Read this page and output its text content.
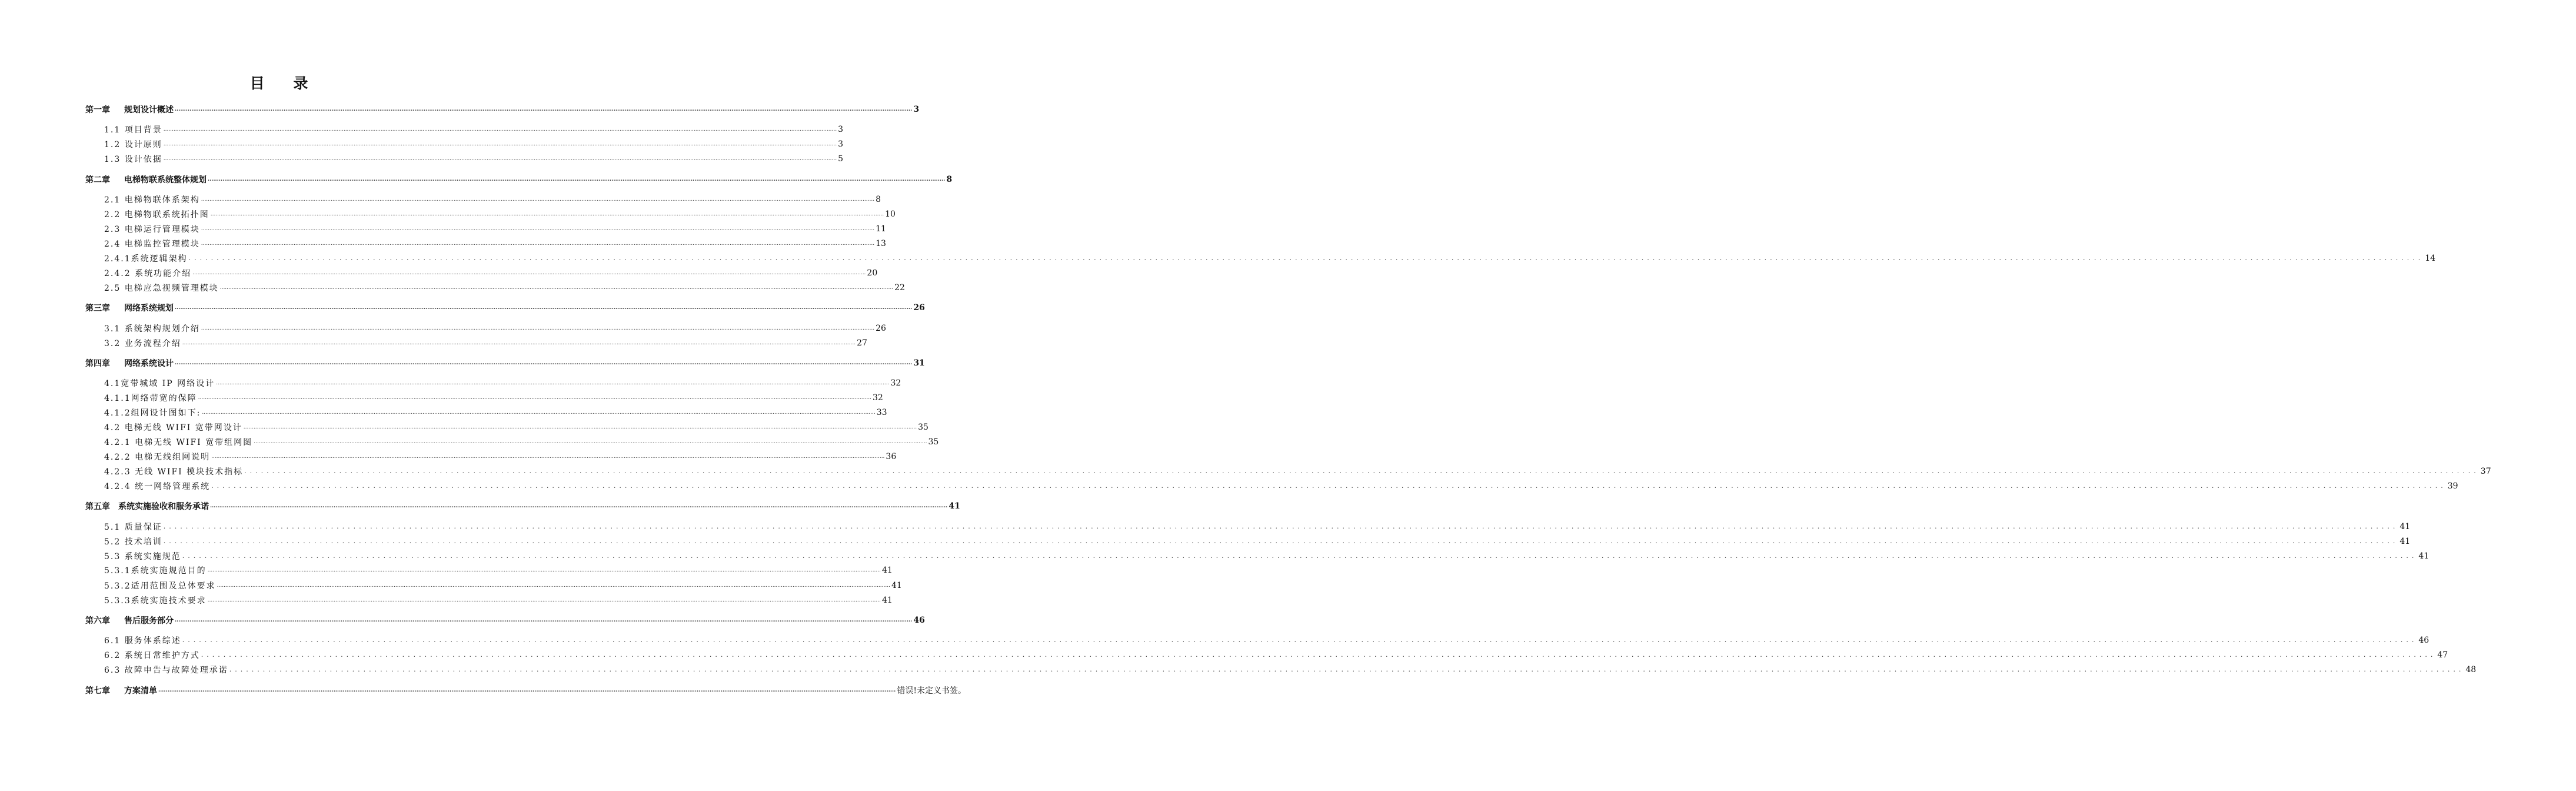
目 录
第一章 规划设计概述 ................................................................................................................................................................................................................................................................................................................................................................................................................ 3
1.1 项目背景 ................................................................................................................................................................................................................................................................................................................................................................................................................ 3
1.2 设计原则 ................................................................................................................................................................................................................................................................................................................................................................................................................ 3
1.3 设计依据 ................................................................................................................................................................................................................................................................................................................................................................................................................ 5
第二章 电梯物联系统整体规划 ................................................................................................................................................................................................................................................................................................................................................................................................................ 8
2.1 电梯物联体系架构 ................................................................................................................................................................................................................................................................................................................................................................................................................ 8
2.2 电梯物联系统拓扑图 ................................................................................................................................................................................................................................................................................................................................................................................................................ 10
2.3 电梯运行管理模块 ................................................................................................................................................................................................................................................................................................................................................................................................................ 11
2.4 电梯监控管理模块 ................................................................................................................................................................................................................................................................................................................................................................................................................ 13
2.4.1系统逻辑架构 ................................................................................................................................................................................................................................................................................................................................................................................................................ 14
2.4.2 系统功能介绍 ................................................................................................................................................................................................................................................................................................................................................................................................................ 20
2.5 电梯应急视频管理模块 ................................................................................................................................................................................................................................................................................................................................................................................................................ 22
第三章 网络系统规划 ................................................................................................................................................................................................................................................................................................................................................................................................................ 26
3.1 系统架构规划介绍 ................................................................................................................................................................................................................................................................................................................................................................................................................ 26
3.2 业务流程介绍 ................................................................................................................................................................................................................................................................................................................................................................................................................ 27
第四章 网络系统设计 ................................................................................................................................................................................................................................................................................................................................................................................................................ 31
4.1宽带城域 IP 网络设计 ................................................................................................................................................................................................................................................................................................................................................................................................................ 32
4.1.1网络带宽的保障 ................................................................................................................................................................................................................................................................................................................................................................................................................ 32
4.1.2组网设计图如下: ................................................................................................................................................................................................................................................................................................................................................................................................................ 33
4.2 电梯无线 WIFI 宽带网设计 ................................................................................................................................................................................................................................................................................................................................................................................................................ 35
4.2.1 电梯无线 WIFI 宽带组网图 ................................................................................................................................................................................................................................................................................................................................................................................................................ 35
4.2.2 电梯无线组网说明 ................................................................................................................................................................................................................................................................................................................................................................................................................ 36
4.2.3 无线 WIFI 模块技术指标 ................................................................................................................................................................................................................................................................................................................................................................................................................ 37
4.2.4 统一网络管理系统 ................................................................................................................................................................................................................................................................................................................................................................................................................ 39
第五章 系统实施验收和服务承诺 ................................................................................................................................................................................................................................................................................................................................................................................................................ 41
5.1 质量保证 ................................................................................................................................................................................................................................................................................................................................................................................................................ 41
5.2 技术培训 ................................................................................................................................................................................................................................................................................................................................................................................................................ 41
5.3 系统实施规范 ................................................................................................................................................................................................................................................................................................................................................................................................................ 41
5.3.1系统实施规范目的 ................................................................................................................................................................................................................................................................................................................................................................................................................ 41
5.3.2适用范围及总体要求 ................................................................................................................................................................................................................................................................................................................................................................................................................ 41
5.3.3系统实施技术要求 ................................................................................................................................................................................................................................................................................................................................................................................................................ 41
第六章 售后服务部分 ................................................................................................................................................................................................................................................................................................................................................................................................................ 46
6.1 服务体系综述 ................................................................................................................................................................................................................................................................................................................................................................................................................ 46
6.2 系统日常维护方式 ................................................................................................................................................................................................................................................................................................................................................................................................................ 47
6.3 故障申告与故障处理承诺 ................................................................................................................................................................................................................................................................................................................................................................................................................ 48
第七章 方案清单 ................................................................................................................................................................................................................................................................................................................................................................................................................ 错误!未定义书签。
